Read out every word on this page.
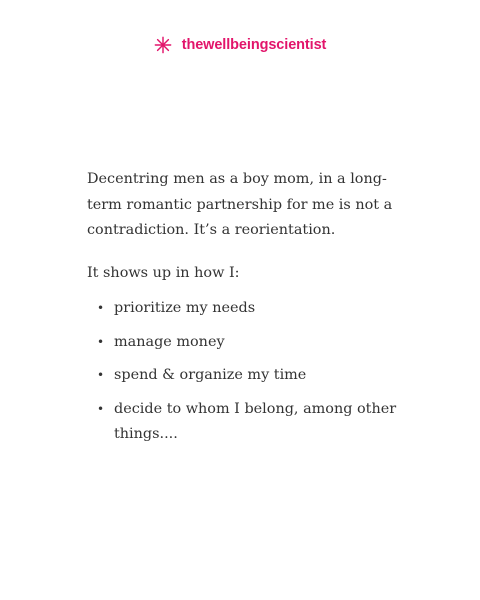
thewellbeingscientist

Decentring men as a boy mom, in a long-term romantic partnership for me is not a contradiction. It’s a reorientation.

It shows up in how I:

• prioritize my needs
• manage money
• spend & organize my time
• decide to whom I belong, among other things....
